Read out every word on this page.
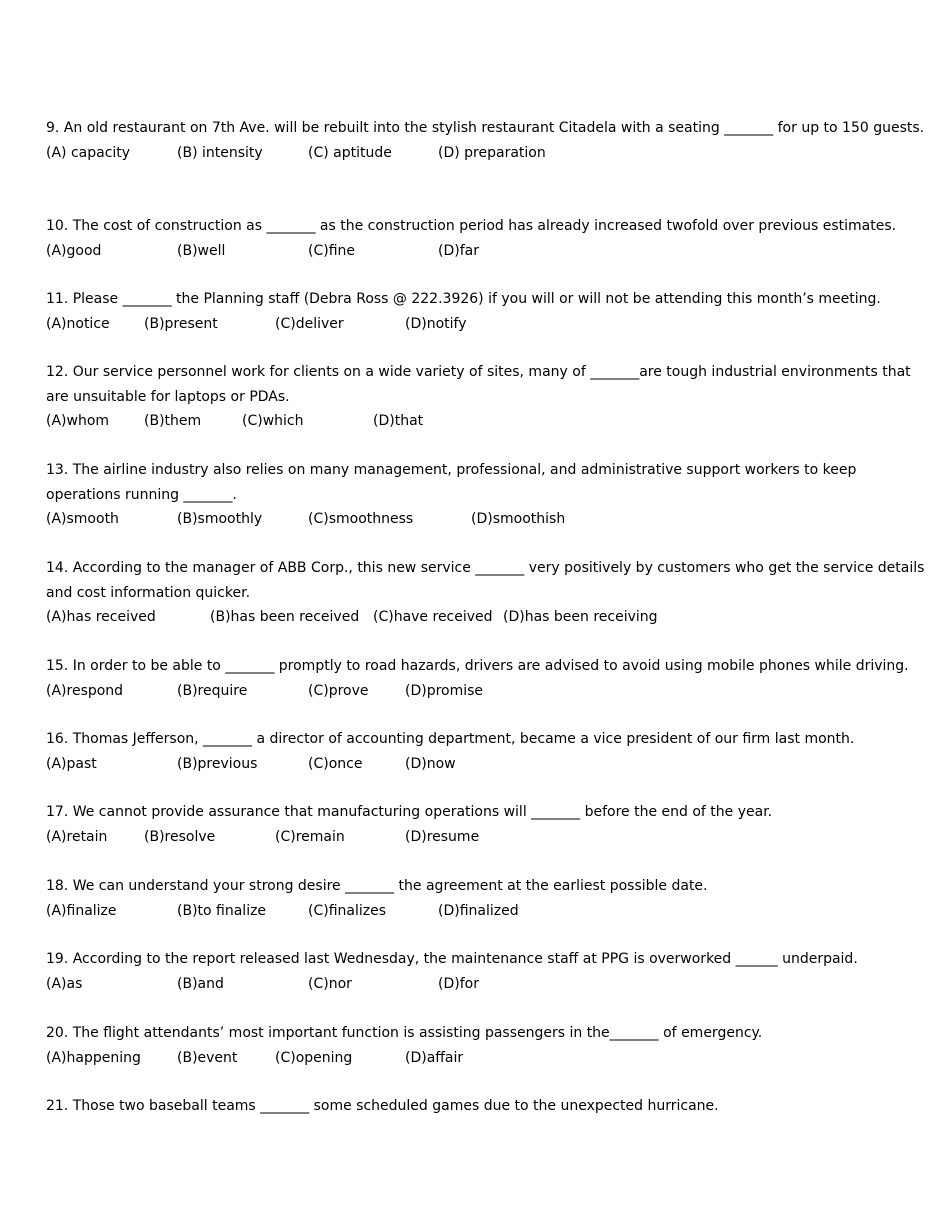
9. An old restaurant on 7th Ave. will be rebuilt into the stylish restaurant Citadela with a seating _______ for up to 150 guests.

(A) capacity	(B) intensity	(C) aptitude	(D) preparation

10. The cost of construction as _______ as the construction period has already increased twofold over previous estimates.

(A)good	(B)well	(C)fine	(D)far

11. Please _______ the Planning staff (Debra Ross @ 222.3926) if you will or will not be attending this month’s meeting.

(A)notice (B)present	(C)deliver	(D)notify

12. Our service personnel work for clients on a wide variety of sites, many of _______are tough industrial environments that are unsuitable for laptops or PDAs.

(A)whom (B)them	(C)which	(D)that

13. The airline industry also relies on many management, professional, and administrative support workers to keep operations running _______.

(A)smooth	(B)smoothly	(C)smoothness	(D)smoothish

14. According to the manager of ABB Corp., this new service _______ very positively by customers who get the service details and cost information quicker.

(A)has received	(B)has been received (C)have received (D)has been receiving

15. In order to be able to _______ promptly to road hazards, drivers are advised to avoid using mobile phones while driving.

(A)respond	(B)require	(C)prove	(D)promise

16. Thomas Jefferson, _______ a director of accounting department, became a vice president of our firm last month.

(A)past	(B)previous	(C)once	(D)now

17. We cannot provide assurance that manufacturing operations will _______ before the end of the year.

(A)retain	(B)resolve	(C)remain	(D)resume

18. We can understand your strong desire _______ the agreement at the earliest possible date.

(A)finalize	(B)to finalize	(C)finalizes	(D)finalized

19. According to the report released last Wednesday, the maintenance staff at PPG is overworked ______ underpaid.

(A)as	(B)and	(C)nor	(D)for

20. The flight attendants’ most important function is assisting passengers in the_______ of emergency.

(A)happening	(B)event	(C)opening	(D)affair

21. Those two baseball teams _______ some scheduled games due to the unexpected hurricane.
